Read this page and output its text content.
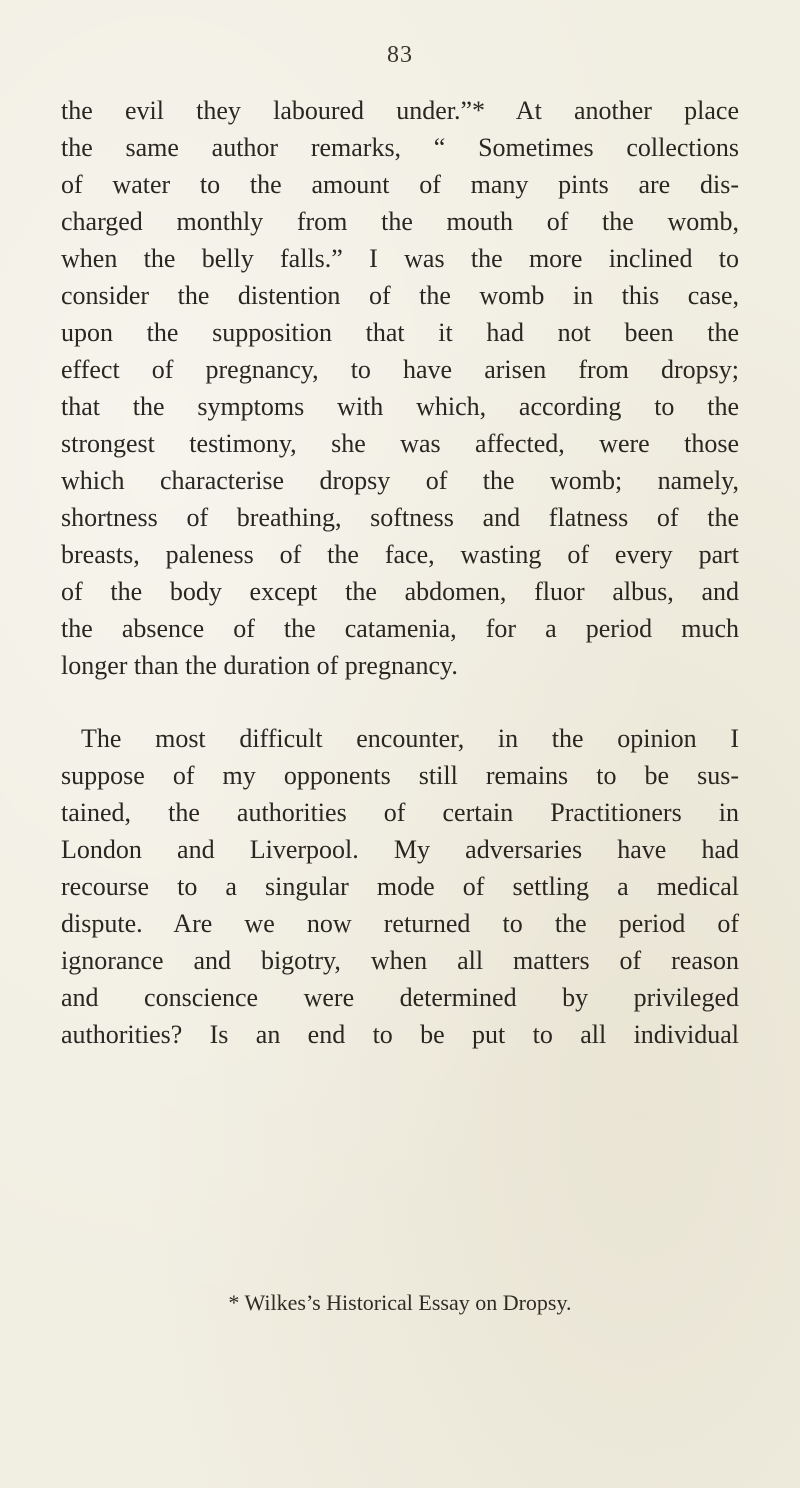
83
the evil they laboured under.”* At another place
the same author remarks, “ Sometimes collections
of water to the amount of many pints are dis-
charged monthly from the mouth of the womb,
when the belly falls.” I was the more inclined to
consider the distention of the womb in this case,
upon the supposition that it had not been the
effect of pregnancy, to have arisen from dropsy;
that the symptoms with which, according to the
strongest testimony, she was affected, were those
which characterise dropsy of the womb; namely,
shortness of breathing, softness and flatness of the
breasts, paleness of the face, wasting of every part
of the body except the abdomen, fluor albus, and
the absence of the catamenia, for a period much
longer than the duration of pregnancy.
The most difficult encounter, in the opinion I
suppose of my opponents still remains to be sus-
tained, the authorities of certain Practitioners in
London and Liverpool. My adversaries have had
recourse to a singular mode of settling a medical
dispute. Are we now returned to the period of
ignorance and bigotry, when all matters of reason
and conscience were determined by privileged
authorities? Is an end to be put to all individual
* Wilkes’s Historical Essay on Dropsy.
